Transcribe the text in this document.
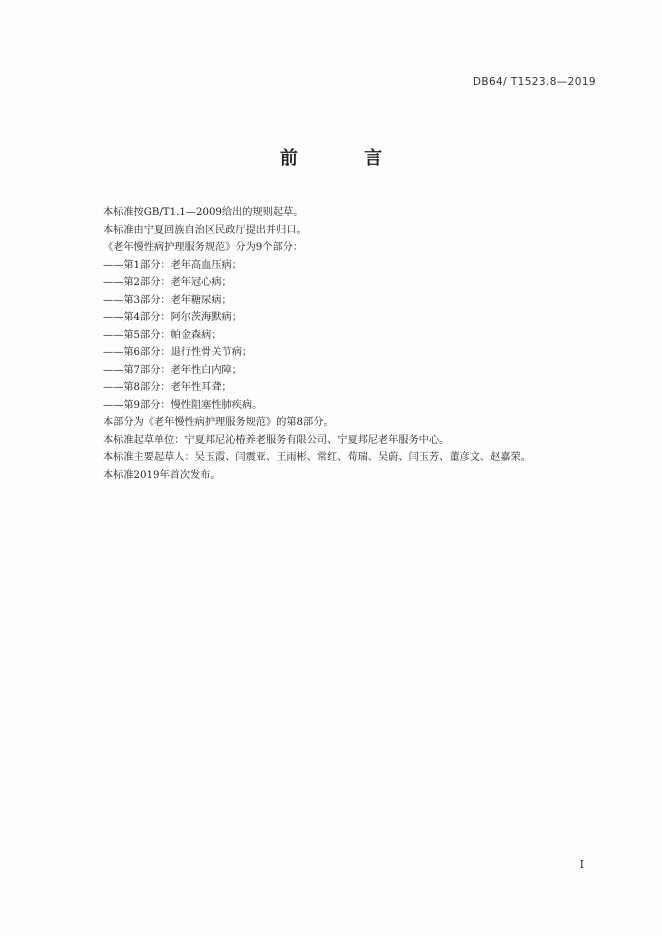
DB64/ T1523.8—2019
前 言
本标准按GB/T1.1—2009给出的规则起草。
本标准由宁夏回族自治区民政厅提出并归口。
《老年慢性病护理服务规范》分为9个部分：
——第1部分：老年高血压病；
——第2部分：老年冠心病；
——第3部分：老年糖尿病；
——第4部分：阿尔茨海默病；
——第5部分：帕金森病；
——第6部分：退行性骨关节病；
——第7部分：老年性白内障；
——第8部分：老年性耳聋；
——第9部分：慢性阻塞性肺疾病。
本部分为《老年慢性病护理服务规范》的第8部分。
本标准起草单位：宁夏邦尼沁椿养老服务有限公司、宁夏邦尼老年服务中心。
本标准主要起草人：吴玉霞、闫震亚、王雨彬、常红、荀瑞、吴蔚、闫玉芳、董彦文、赵嘉荣。
本标准2019年首次发布。
I
